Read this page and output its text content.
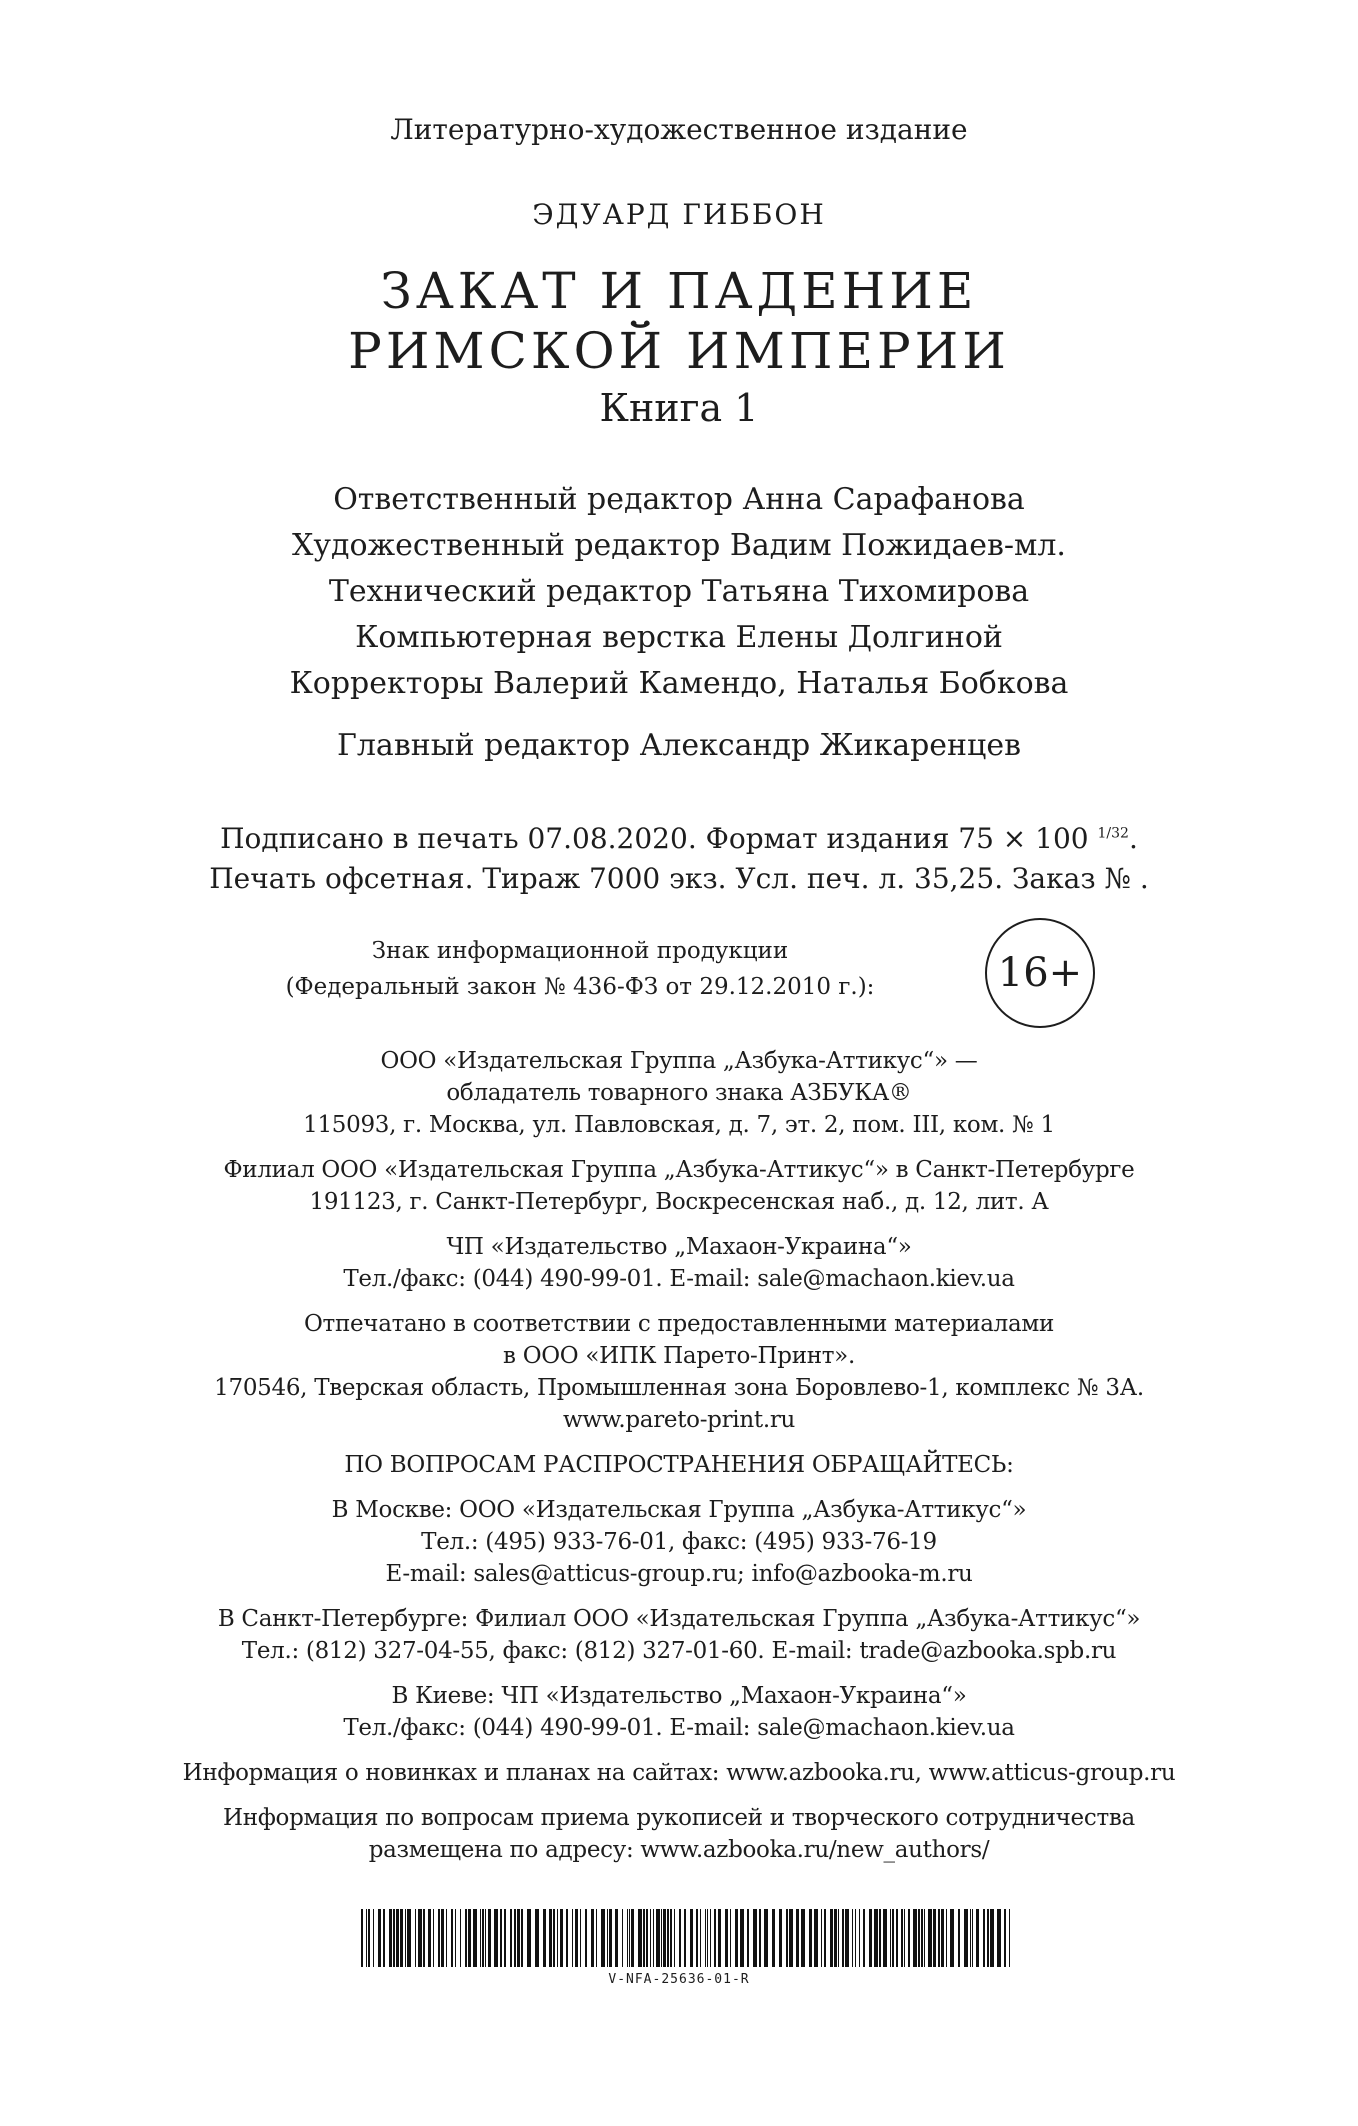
Литературно-художественное издание
ЭДУАРД ГИББОН
ЗАКАТ И ПАДЕНИЕ
РИМСКОЙ ИМПЕРИИ
Книга 1
Ответственный редактор Анна Сарафанова
Художественный редактор Вадим Пожидаев-мл.
Технический редактор Татьяна Тихомирова
Компьютерная верстка Елены Долгиной
Корректоры Валерий Камендо, Наталья Бобкова
Главный редактор Александр Жикаренцев
Подписано в печать 07.08.2020. Формат издания 75 × 100 $^{1/32}$.
Печать офсетная. Тираж 7000 экз. Усл. печ. л. 35,25. Заказ № .
Знак информационной продукции
(Федеральный закон № 436-ФЗ от 29.12.2010 г.):	16+
ООО «Издательская Группа „Азбука-Аттикус“» —
обладатель товарного знака АЗБУКА®
115093, г. Москва, ул. Павловская, д. 7, эт. 2, пом. III, ком. № 1
Филиал ООО «Издательская Группа „Азбука-Аттикус“» в Санкт-Петербурге
191123, г. Санкт-Петербург, Воскресенская наб., д. 12, лит. А
ЧП «Издательство „Махаон-Украина“»
Тел./факс: (044) 490-99-01. E-mail: sale@machaon.kiev.ua
Отпечатано в соответствии с предоставленными материалами
в ООО «ИПК Парето-Принт».
170546, Тверская область, Промышленная зона Боровлево-1, комплекс № 3А.
www.pareto-print.ru
ПО ВОПРОСАМ РАСПРОСТРАНЕНИЯ ОБРАЩАЙТЕСЬ:
В Москве: ООО «Издательская Группа „Азбука-Аттикус“»
Тел.: (495) 933-76-01, факс: (495) 933-76-19
E-mail: sales@atticus-group.ru; info@azbooka-m.ru
В Санкт-Петербурге: Филиал ООО «Издательская Группа „Азбука-Аттикус“»
Тел.: (812) 327-04-55, факс: (812) 327-01-60. E-mail: trade@azbooka.spb.ru
В Киеве: ЧП «Издательство „Махаон-Украина“»
Тел./факс: (044) 490-99-01. E-mail: sale@machaon.kiev.ua
Информация о новинках и планах на сайтах: www.azbooka.ru, www.atticus-group.ru
Информация по вопросам приема рукописей и творческого сотрудничества
размещена по адресу: www.azbooka.ru/new_authors/
V-NFA-25636-01-R
